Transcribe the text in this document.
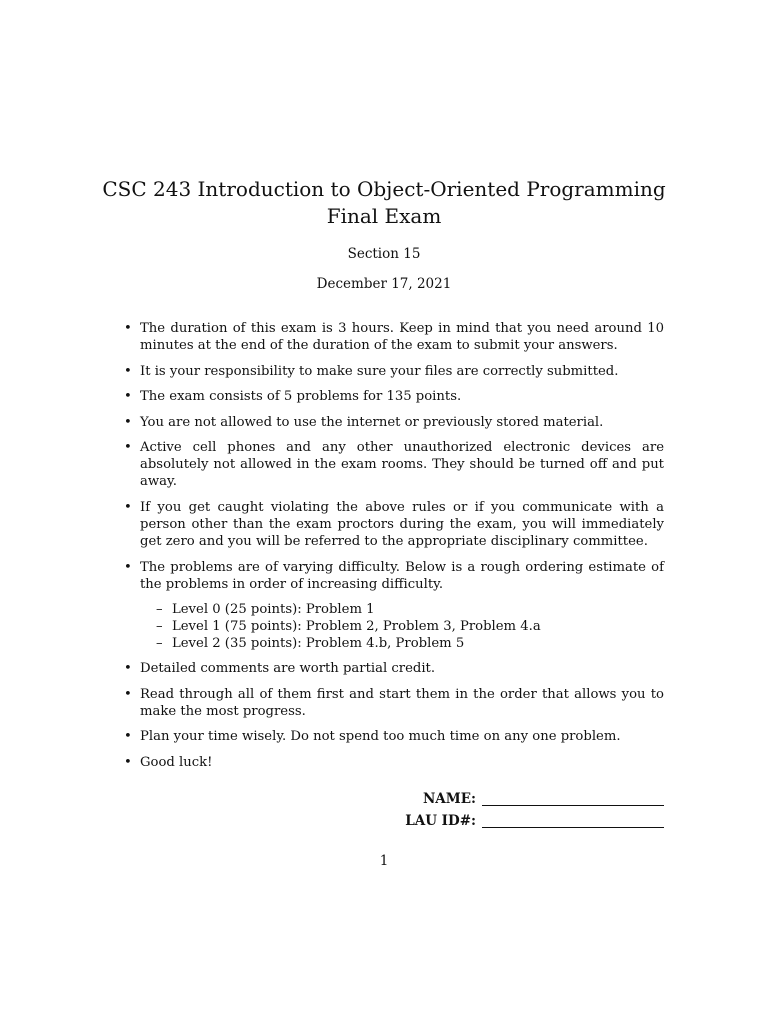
CSC 243 Introduction to Object-Oriented Programming
Final Exam
Section 15
December 17, 2021
• The duration of this exam is 3 hours. Keep in mind that you need around 10 minutes at the end of the duration of the exam to submit your answers.
• It is your responsibility to make sure your files are correctly submitted.
• The exam consists of 5 problems for 135 points.
• You are not allowed to use the internet or previously stored material.
• Active cell phones and any other unauthorized electronic devices are absolutely not allowed in the exam rooms. They should be turned off and put away.
• If you get caught violating the above rules or if you communicate with a person other than the exam proctors during the exam, you will immediately get zero and you will be referred to the appropriate disciplinary committee.
• The problems are of varying difficulty. Below is a rough ordering estimate of the problems in order of increasing difficulty.
– Level 0 (25 points): Problem 1
– Level 1 (75 points): Problem 2, Problem 3, Problem 4.a
– Level 2 (35 points): Problem 4.b, Problem 5
• Detailed comments are worth partial credit.
• Read through all of them first and start them in the order that allows you to make the most progress.
• Plan your time wisely. Do not spend too much time on any one problem.
• Good luck!
NAME:
LAU ID#:
1
